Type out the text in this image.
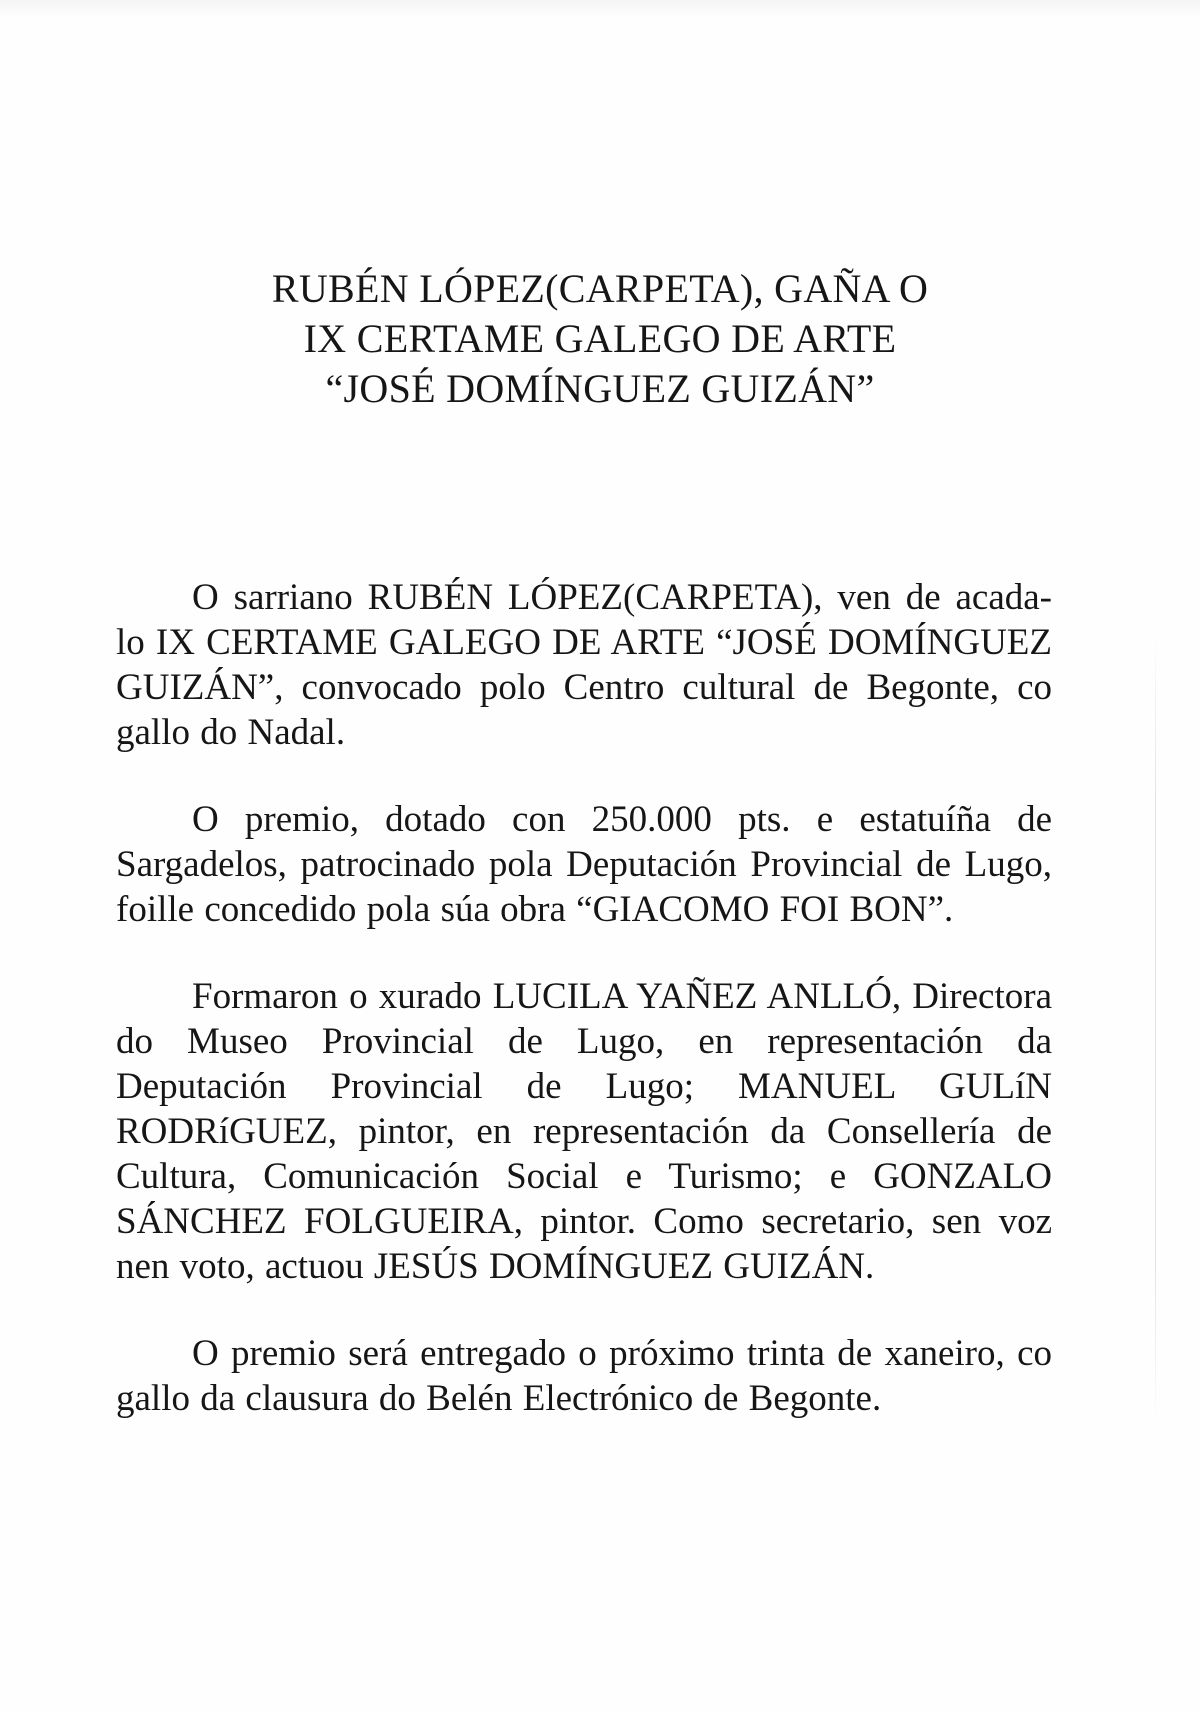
RUBÉN LÓPEZ(CARPETA), GAÑA O
IX CERTAME GALEGO DE ARTE
“JOSÉ DOMÍNGUEZ GUIZÁN”

O sarriano RUBÉN LÓPEZ(CARPETA), ven de acada-lo IX CERTAME GALEGO DE ARTE “JOSÉ DOMÍNGUEZ GUIZÁN”, convocado polo Centro cultural de Begonte, co gallo do Nadal.

O premio, dotado con 250.000 pts. e estatuíña de Sargadelos, patrocinado pola Deputación Provincial de Lugo, foille concedido pola súa obra “GIACOMO FOI BON”.

Formaron o xurado LUCILA YAÑEZ ANLLÓ, Directora do Museo Provincial de Lugo, en representación da Deputación Provincial de Lugo; MANUEL GULíN RODRíGUEZ, pintor, en representación da Consellería de Cultura, Comunicación Social e Turismo; e GONZALO SÁNCHEZ FOLGUEIRA, pintor. Como secretario, sen voz nen voto, actuou JESÚS DOMÍNGUEZ GUIZÁN.

O premio será entregado o próximo trinta de xaneiro, co gallo da clausura do Belén Electrónico de Begonte.
